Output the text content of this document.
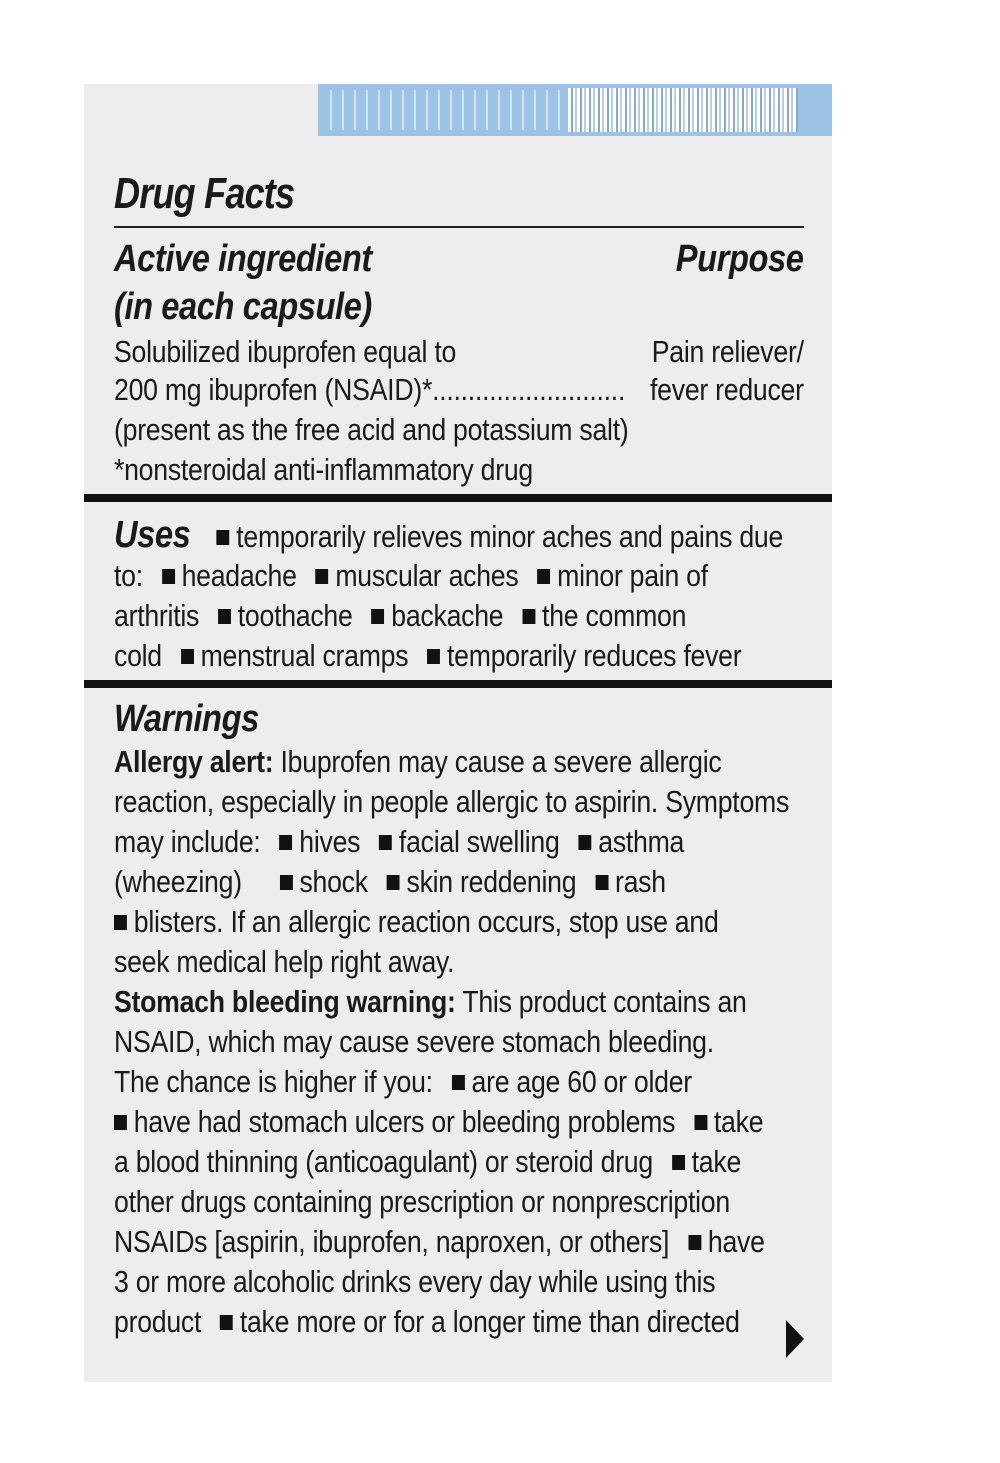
Drug Facts
Active ingredient	Purpose
(in each capsule)
Solubilized ibuprofen equal to	Pain reliever/
200 mg ibuprofen (NSAID)*........................... fever reducer
(present as the free acid and potassium salt)
*nonsteroidal anti-inflammatory drug
Uses temporarily relieves minor aches and pains due
to: headache muscular aches minor pain of
arthritis toothache backache the common
cold menstrual cramps temporarily reduces fever
Warnings
Allergy alert: Ibuprofen may cause a severe allergic
reaction, especially in people allergic to aspirin. Symptoms
may include: hives facial swelling asthma
(wheezing) shock skin reddening rash
blisters. If an allergic reaction occurs, stop use and
seek medical help right away.
Stomach bleeding warning: This product contains an
NSAID, which may cause severe stomach bleeding.
The chance is higher if you: are age 60 or older
have had stomach ulcers or bleeding problems take
a blood thinning (anticoagulant) or steroid drug take
other drugs containing prescription or nonprescription
NSAIDs [aspirin, ibuprofen, naproxen, or others] have
3 or more alcoholic drinks every day while using this
product take more or for a longer time than directed
